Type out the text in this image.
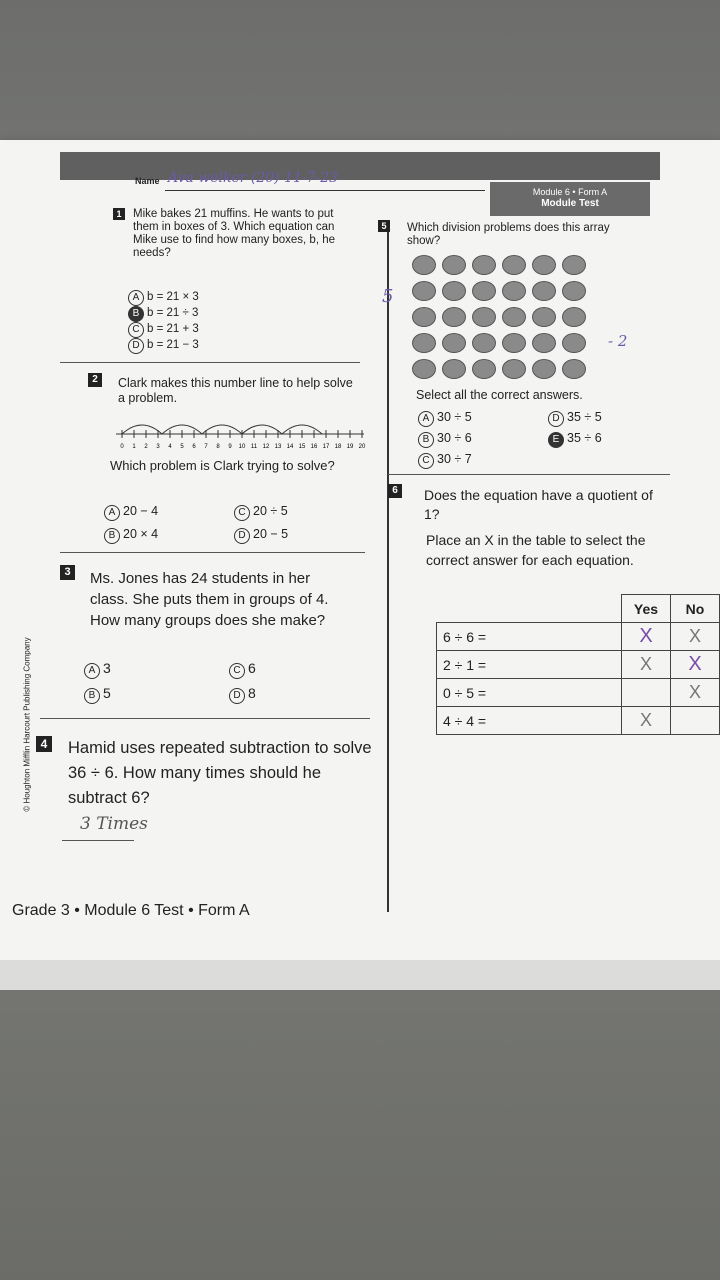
Module 6 • Form A
Module Test
Name Ava welker (20) 11-7-23
1	Mike bakes 21 muffins. He wants to put them in boxes of 3. Which equation can Mike use to find how many boxes, b, he needs?
A b = 21 × 3
B b = 21 ÷ 3
C b = 21 + 3
D b = 21 − 3
2	Clark makes this number line to help solve a problem.
0 1 2 3 4 5 6 7 8 9 10 11 12 13 14 15 16 17 18 19 20
Which problem is Clark trying to solve?
A 20 − 4	C 20 ÷ 5
B 20 × 4	D 20 − 5
3 Ms. Jones has 24 students in her class. She puts them in groups of 4. How many groups does she make?
A 3	C 6
B 5	D 8
4 Hamid uses repeated subtraction to solve 36 ÷ 6. How many times should he subtract 6?
3 Times
5	Which division problems does this array show?
5
- 2
Select all the correct answers.
A 30 ÷ 5	D 35 ÷ 5
B 30 ÷ 6	E 35 ÷ 6
C 30 ÷ 7
6	Does the equation have a quotient of 1?
Place an X in the table to select the correct answer for each equation.
	Yes	No
6 ÷ 6 =	X	X
2 ÷ 1 =	X	X
0 ÷ 5 =		X
4 ÷ 4 =	X	
Grade 3 • Module 6 Test • Form A
© Houghton Mifflin Harcourt Publishing Company
